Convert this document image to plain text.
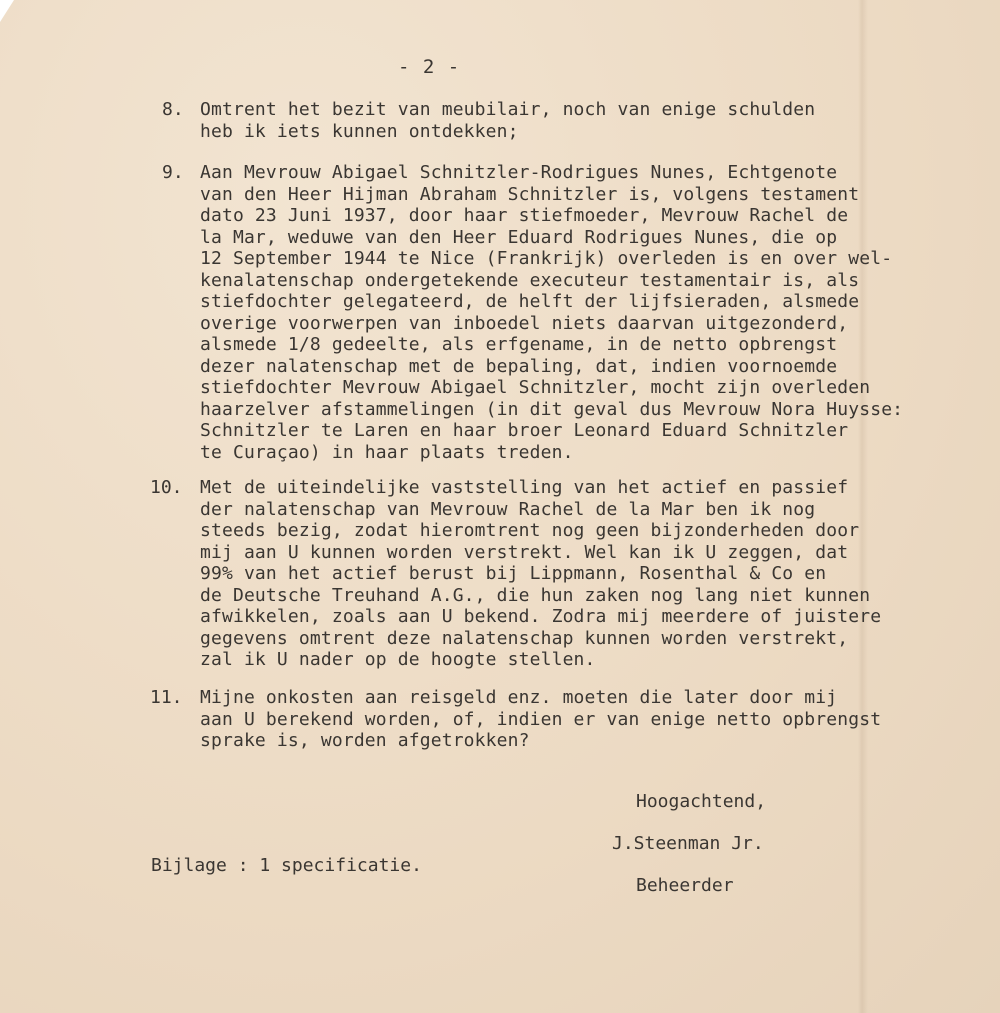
- 2 -
8. Omtrent het bezit van meubilair, noch van enige schulden
heb ik iets kunnen ontdekken;
9. Aan Mevrouw Abigael Schnitzler-Rodrigues Nunes, Echtgenote
van den Heer Hijman Abraham Schnitzler is, volgens testament
dato 23 Juni 1937, door haar stiefmoeder, Mevrouw Rachel de
la Mar, weduwe van den Heer Eduard Rodrigues Nunes, die op
12 September 1944 te Nice (Frankrijk) overleden is en over wel-
kenalatenschap ondergetekende executeur testamentair is, als
stiefdochter gelegateerd, de helft der lijfsieraden, alsmede
overige voorwerpen van inboedel niets daarvan uitgezonderd,
alsmede 1/8 gedeelte, als erfgename, in de netto opbrengst
dezer nalatenschap met de bepaling, dat, indien voornoemde
stiefdochter Mevrouw Abigael Schnitzler, mocht zijn overleden
haarzelver afstammelingen (in dit geval dus Mevrouw Nora Huysse:
Schnitzler te Laren en haar broer Leonard Eduard Schnitzler
te Curaçao) in haar plaats treden.
10. Met de uiteindelijke vaststelling van het actief en passief
der nalatenschap van Mevrouw Rachel de la Mar ben ik nog
steeds bezig, zodat hieromtrent nog geen bijzonderheden door
mij aan U kunnen worden verstrekt. Wel kan ik U zeggen, dat
99% van het actief berust bij Lippmann, Rosenthal & Co en
de Deutsche Treuhand A.G., die hun zaken nog lang niet kunnen
afwikkelen, zoals aan U bekend. Zodra mij meerdere of juistere
gegevens omtrent deze nalatenschap kunnen worden verstrekt,
zal ik U nader op de hoogte stellen.
11. Mijne onkosten aan reisgeld enz. moeten die later door mij
aan U berekend worden, of, indien er van enige netto opbrengst
sprake is, worden afgetrokken?
Hoogachtend,
J.Steenman Jr.
Beheerder
Bijlage : 1 specificatie.
